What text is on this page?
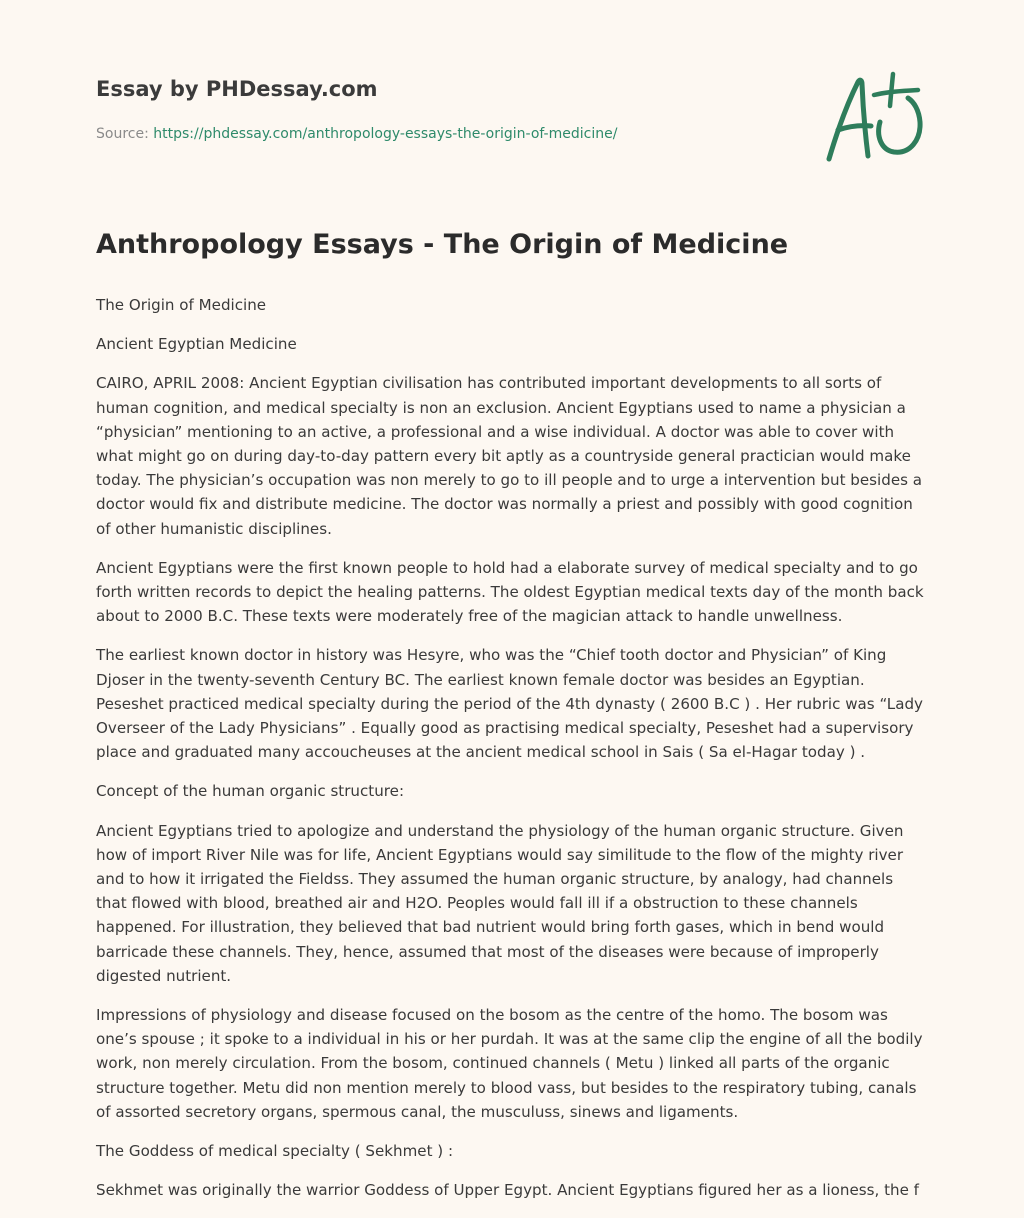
Essay by PHDessay.com

Source: https://phdessay.com/anthropology-essays-the-origin-of-medicine/
Anthropology Essays - The Origin of Medicine

The Origin of Medicine

Ancient Egyptian Medicine

CAIRO, APRIL 2008: Ancient Egyptian civilisation has contributed important developments to all sorts of human cognition, and medical specialty is non an exclusion. Ancient Egyptians used to name a physician a “physician” mentioning to an active, a professional and a wise individual. A doctor was able to cover with what might go on during day-to-day pattern every bit aptly as a countryside general practician would make today. The physician’s occupation was non merely to go to ill people and to urge a intervention but besides a doctor would fix and distribute medicine. The doctor was normally a priest and possibly with good cognition of other humanistic disciplines.

Ancient Egyptians were the first known people to hold had a elaborate survey of medical specialty and to go forth written records to depict the healing patterns. The oldest Egyptian medical texts day of the month back about to 2000 B.C. These texts were moderately free of the magician attack to handle unwellness.

The earliest known doctor in history was Hesyre, who was the “Chief tooth doctor and Physician” of King Djoser in the twenty-seventh Century BC. The earliest known female doctor was besides an Egyptian. Peseshet practiced medical specialty during the period of the 4th dynasty ( 2600 B.C ) . Her rubric was “Lady Overseer of the Lady Physicians” . Equally good as practising medical specialty, Peseshet had a supervisory place and graduated many accoucheuses at the ancient medical school in Sais ( Sa el-Hagar today ) .

Concept of the human organic structure:

Ancient Egyptians tried to apologize and understand the physiology of the human organic structure. Given how of import River Nile was for life, Ancient Egyptians would say similitude to the flow of the mighty river and to how it irrigated the Fieldss. They assumed the human organic structure, by analogy, had channels that flowed with blood, breathed air and H2O. Peoples would fall ill if a obstruction to these channels happened. For illustration, they believed that bad nutrient would bring forth gases, which in bend would barricade these channels. They, hence, assumed that most of the diseases were because of improperly digested nutrient.

Impressions of physiology and disease focused on the bosom as the centre of the homo. The bosom was one’s spouse ; it spoke to a individual in his or her purdah. It was at the same clip the engine of all the bodily work, non merely circulation. From the bosom, continued channels ( Metu ) linked all parts of the organic structure together. Metu did non mention merely to blood vass, but besides to the respiratory tubing, canals of assorted secretory organs, spermous canal, the musculuss, sinews and ligaments.

The Goddess of medical specialty ( Sekhmet ) :

Sekhmet was originally the warrior Goddess of Upper Egypt. Ancient Egyptians figured her as a lioness, the f
